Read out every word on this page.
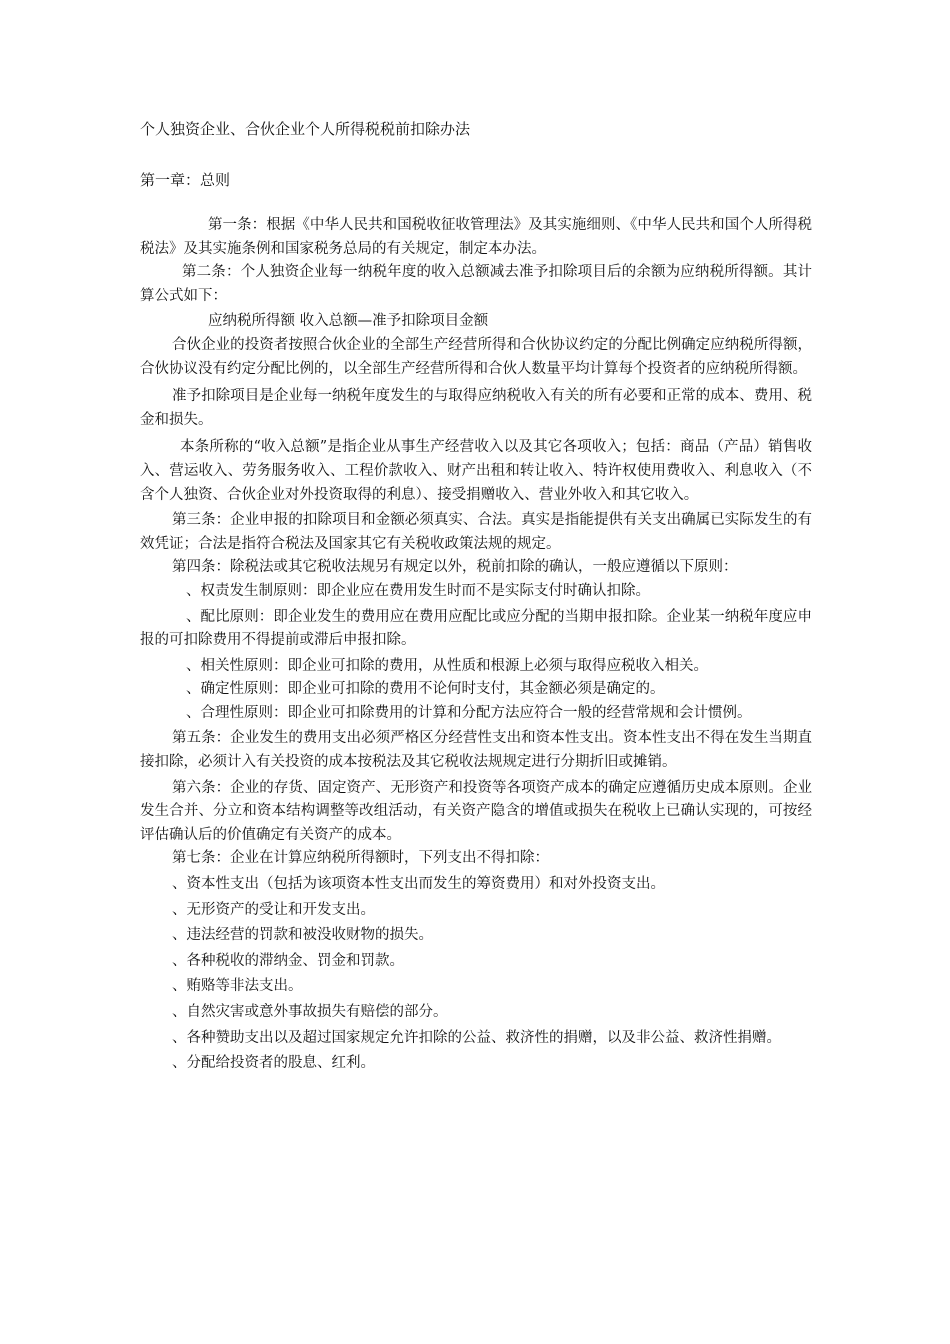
个人独资企业、合伙企业个人所得税税前扣除办法
第一章：总则

第一条：根据《中华人民共和国税收征收管理法》及其实施细则、《中华人民共和国个人所得税税法》及其实施条例和国家税务总局的有关规定，制定本办法。

第二条：个人独资企业每一纳税年度的收入总额减去准予扣除项目后的余额为应纳税所得额。其计算公式如下：

应纳税所得额 收入总额—准予扣除项目金额

合伙企业的投资者按照合伙企业的全部生产经营所得和合伙协议约定的分配比例确定应纳税所得额，合伙协议没有约定分配比例的，以全部生产经营所得和合伙人数量平均计算每个投资者的应纳税所得额。

准予扣除项目是企业每一纳税年度发生的与取得应纳税收入有关的所有必要和正常的成本、费用、税金和损失。

本条所称的“收入总额”是指企业从事生产经营收入以及其它各项收入；包括：商品（产品）销售收入、营运收入、劳务服务收入、工程价款收入、财产出租和转让收入、特许权使用费收入、利息收入（不含个人独资、合伙企业对外投资取得的利息）、接受捐赠收入、营业外收入和其它收入。

第三条：企业申报的扣除项目和金额必须真实、合法。真实是指能提供有关支出确属已实际发生的有效凭证；合法是指符合税法及国家其它有关税收政策法规的规定。

第四条：除税法或其它税收法规另有规定以外，税前扣除的确认，一般应遵循以下原则：

、权责发生制原则：即企业应在费用发生时而不是实际支付时确认扣除。

、配比原则：即企业发生的费用应在费用应配比或应分配的当期申报扣除。企业某一纳税年度应申报的可扣除费用不得提前或滞后申报扣除。

、相关性原则：即企业可扣除的费用，从性质和根源上必须与取得应税收入相关。

、确定性原则：即企业可扣除的费用不论何时支付，其金额必须是确定的。

、合理性原则：即企业可扣除费用的计算和分配方法应符合一般的经营常规和会计惯例。

第五条：企业发生的费用支出必须严格区分经营性支出和资本性支出。资本性支出不得在发生当期直接扣除，必须计入有关投资的成本按税法及其它税收法规规定进行分期折旧或摊销。

第六条：企业的存货、固定资产、无形资产和投资等各项资产成本的确定应遵循历史成本原则。企业发生合并、分立和资本结构调整等改组活动，有关资产隐含的增值或损失在税收上已确认实现的，可按经评估确认后的价值确定有关资产的成本。

第七条：企业在计算应纳税所得额时，下列支出不得扣除：

、资本性支出（包括为该项资本性支出而发生的筹资费用）和对外投资支出。

、无形资产的受让和开发支出。

、违法经营的罚款和被没收财物的损失。

、各种税收的滞纳金、罚金和罚款。

、贿赂等非法支出。

、自然灾害或意外事故损失有赔偿的部分。

、各种赞助支出以及超过国家规定允许扣除的公益、救济性的捐赠，以及非公益、救济性捐赠。

、分配给投资者的股息、红利。
